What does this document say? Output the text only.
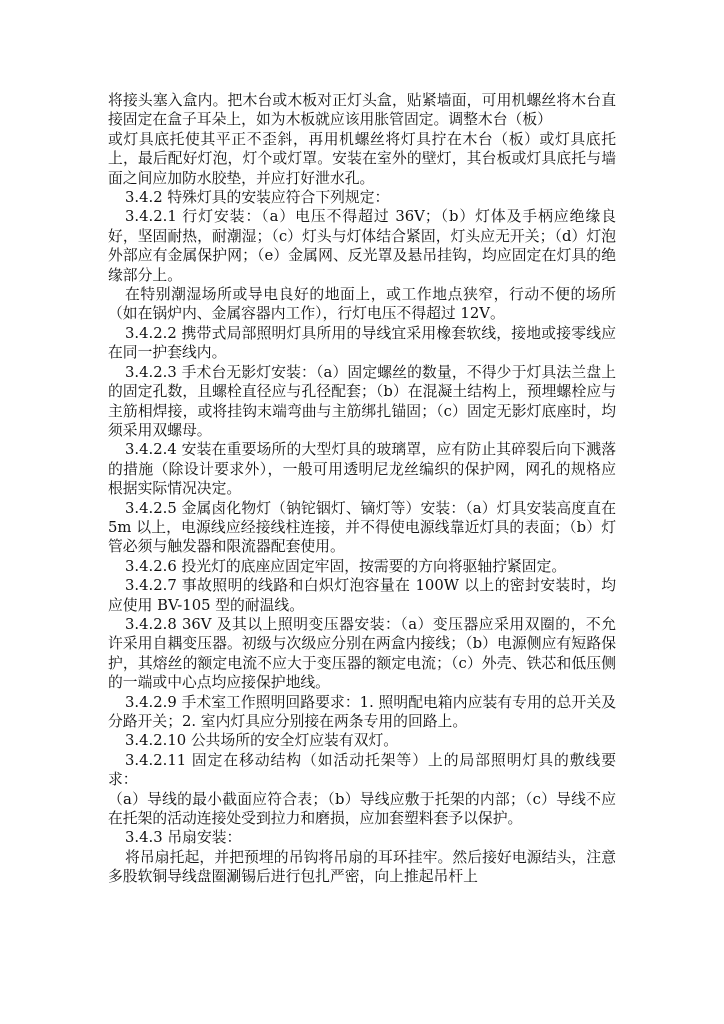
将接头塞入盒内。把木台或木板对正灯头盒，贴紧墙面，可用机螺丝将木台直接固定在盒子耳朵上，如为木板就应该用胀管固定。调整木台（板）

或灯具底托使其平正不歪斜，再用机螺丝将灯具拧在木台（板）或灯具底托上，最后配好灯泡，灯个或灯罩。安装在室外的壁灯，其台板或灯具底托与墙面之间应加防水胶垫，并应打好泄水孔。

3.4.2 特殊灯具的安装应符合下列规定：

3.4.2.1 行灯安装：（a）电压不得超过 36V；（b）灯体及手柄应绝缘良好，坚固耐热，耐潮湿；（c）灯头与灯体结合紧固，灯头应无开关；（d）灯泡外部应有金属保护网；（e）金属网、反光罩及悬吊挂钩，均应固定在灯具的绝缘部分上。

在特别潮湿场所或导电良好的地面上，或工作地点狭窄，行动不便的场所（如在锅炉内、金属容器内工作），行灯电压不得超过 12V。

3.4.2.2 携带式局部照明灯具所用的导线宜采用橡套软线，接地或接零线应在同一护套线内。

3.4.2.3 手术台无影灯安装：（a）固定螺丝的数量，不得少于灯具法兰盘上的固定孔数，且螺栓直径应与孔径配套；（b）在混凝土结构上，预埋螺栓应与主筋相焊接，或将挂钩末端弯曲与主筋绑扎锚固；（c）固定无影灯底座时，均须采用双螺母。

3.4.2.4 安装在重要场所的大型灯具的玻璃罩，应有防止其碎裂后向下溅落的措施（除设计要求外），一般可用透明尼龙丝编织的保护网，网孔的规格应根据实际情况决定。

3.4.2.5 金属卤化物灯（钠铊铟灯、镝灯等）安装：（a）灯具安装高度直在 5m 以上，电源线应经接线柱连接，并不得使电源线靠近灯具的表面；（b）灯管必须与触发器和限流器配套使用。

3.4.2.6 投光灯的底座应固定牢固，按需要的方向将驱轴拧紧固定。

3.4.2.7 事故照明的线路和白炽灯泡容量在 100W 以上的密封安装时，均应使用 BV-105 型的耐温线。

3.4.2.8 36V 及其以上照明变压器安装：（a）变压器应采用双圈的，不允许采用自耦变压器。初级与次级应分别在两盒内接线；（b）电源侧应有短路保护，其熔丝的额定电流不应大于变压器的额定电流；（c）外壳、铁芯和低压侧的一端或中心点均应接保护地线。

3.4.2.9 手术室工作照明回路要求：1. 照明配电箱内应装有专用的总开关及分路开关；2. 室内灯具应分别接在两条专用的回路上。

3.4.2.10 公共场所的安全灯应装有双灯。

3.4.2.11 固定在移动结构（如活动托架等）上的局部照明灯具的敷线要求：

（a）导线的最小截面应符合表；（b）导线应敷于托架的内部；（c）导线不应在托架的活动连接处受到拉力和磨损，应加套塑料套予以保护。

3.4.3 吊扇安装：

将吊扇托起，并把预埋的吊钩将吊扇的耳环挂牢。然后接好电源结头，注意多股软铜导线盘圈涮锡后进行包扎严密，向上推起吊杆上
